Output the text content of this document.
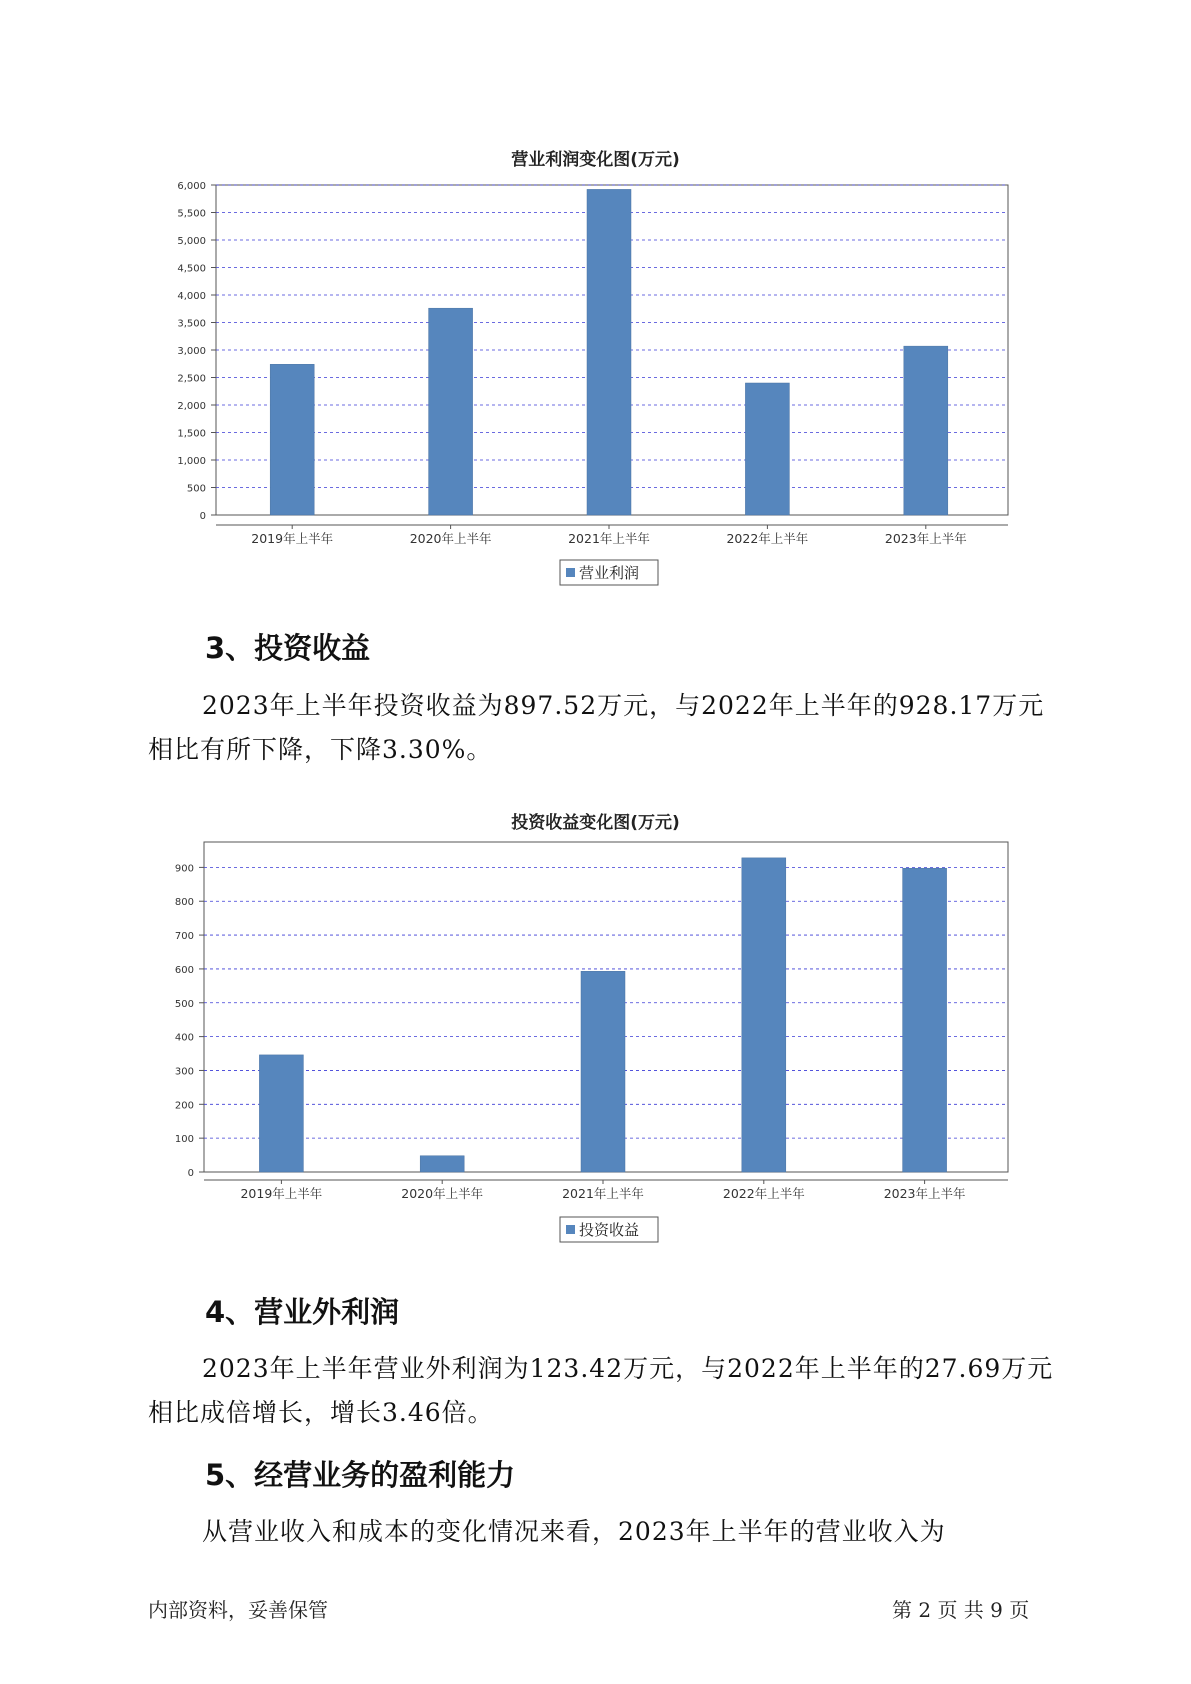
营业利润变化图(万元)
0
500
1,000
1,500
2,000
2,500
3,000
3,500
4,000
4,500
5,000
5,500
6,000
2019年上半年	2020年上半年	2021年上半年	2022年上半年	2023年上半年
营业利润
3、投资收益
2023年上半年投资收益为897.52万元，与2022年上半年的928.17万元
相比有所下降，下降3.30%。
投资收益变化图(万元)
0
100
200
300
400
500
600
700
800
900
2019年上半年	2020年上半年	2021年上半年	2022年上半年	2023年上半年
投资收益
4、营业外利润
2023年上半年营业外利润为123.42万元，与2022年上半年的27.69万元
相比成倍增长，增长3.46倍。
5、经营业务的盈利能力
从营业收入和成本的变化情况来看，2023年上半年的营业收入为
内部资料，妥善保管	第 2 页 共 9 页
